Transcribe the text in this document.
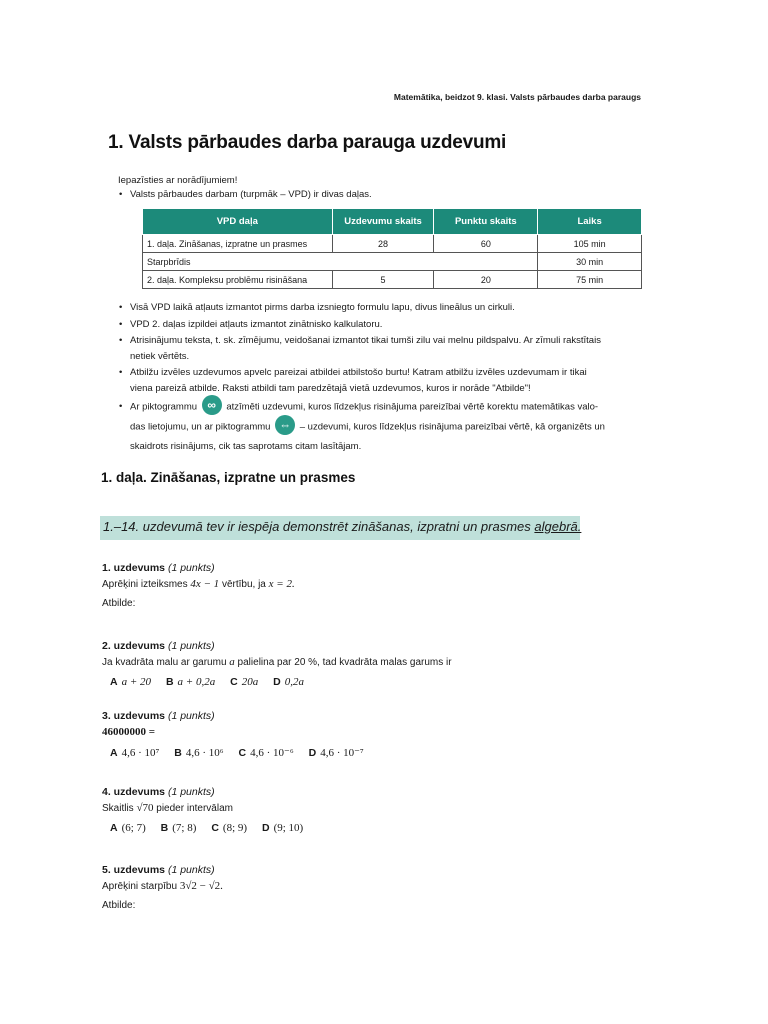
Matemātika, beidzot 9. klasi. Valsts pārbaudes darba paraugs
1. Valsts pārbaudes darba parauga uzdevumi
Iepazīsties ar norādījumiem!
• Valsts pārbaudes darbam (turpmāk – VPD) ir divas daļas.
VPD daļa	Uzdevumu skaits	Punktu skaits	Laiks
1. daļa. Zināšanas, izpratne un prasmes	28	60	105 min
Starpbrīdis			30 min
2. daļa. Kompleksu problēmu risināšana	5	20	75 min
• Visā VPD laikā atļauts izmantot pirms darba izsniegto formulu lapu, divus lineālus un cirkuli.
• VPD 2. daļas izpildei atļauts izmantot zinātnisko kalkulatoru.
• Atrisinājumu teksta, t. sk. zīmējumu, veidošanai izmantot tikai tumši zilu vai melnu pildspalvu. Ar zīmuli rakstītais
netiek vērtēts.
• Atbilžu izvēles uzdevumos apvelc pareizai atbildei atbilstošo burtu! Katram atbilžu izvēles uzdevumam ir tikai
viena pareizā atbilde. Raksti atbildi tam paredzētajā vietā uzdevumos, kuros ir norāde "Atbilde"!
• Ar piktogrammu ∞ atzīmēti uzdevumi, kuros līdzekļus risinājuma pareizībai vērtē korektu matemātikas valo-
das lietojumu, un ar piktogrammu ⇔ – uzdevumi, kuros līdzekļus risinājuma pareizībai vērtē, kā organizēts un
skaidrots risinājums, cik tas saprotams citam lasītājam.
1. daļa. Zināšanas, izpratne un prasmes
1.–14. uzdevumā tev ir iespēja demonstrēt zināšanas, izpratni un prasmes algebrā.
1. uzdevums (1 punkts)
Aprēķini izteiksmes 4x − 1 vērtību, ja x = 2.
Atbilde:
2. uzdevums (1 punkts)
Ja kvadrāta malu ar garumu a palielina par 20 %, tad kvadrāta malas garums ir
A a + 20 B a + 0,2a C 20a D 0,2a
3. uzdevums (1 punkts)
46000000 =
A 4,6 · 10⁷ B 4,6 · 10⁶ C 4,6 · 10⁻⁶ D 4,6 · 10⁻⁷
4. uzdevums (1 punkts)
Skaitlis √70 pieder intervālam
A (6; 7) B (7; 8) C (8; 9) D (9; 10)
5. uzdevums (1 punkts)
Aprēķini starpību 3√2 − √2.
Atbilde:
